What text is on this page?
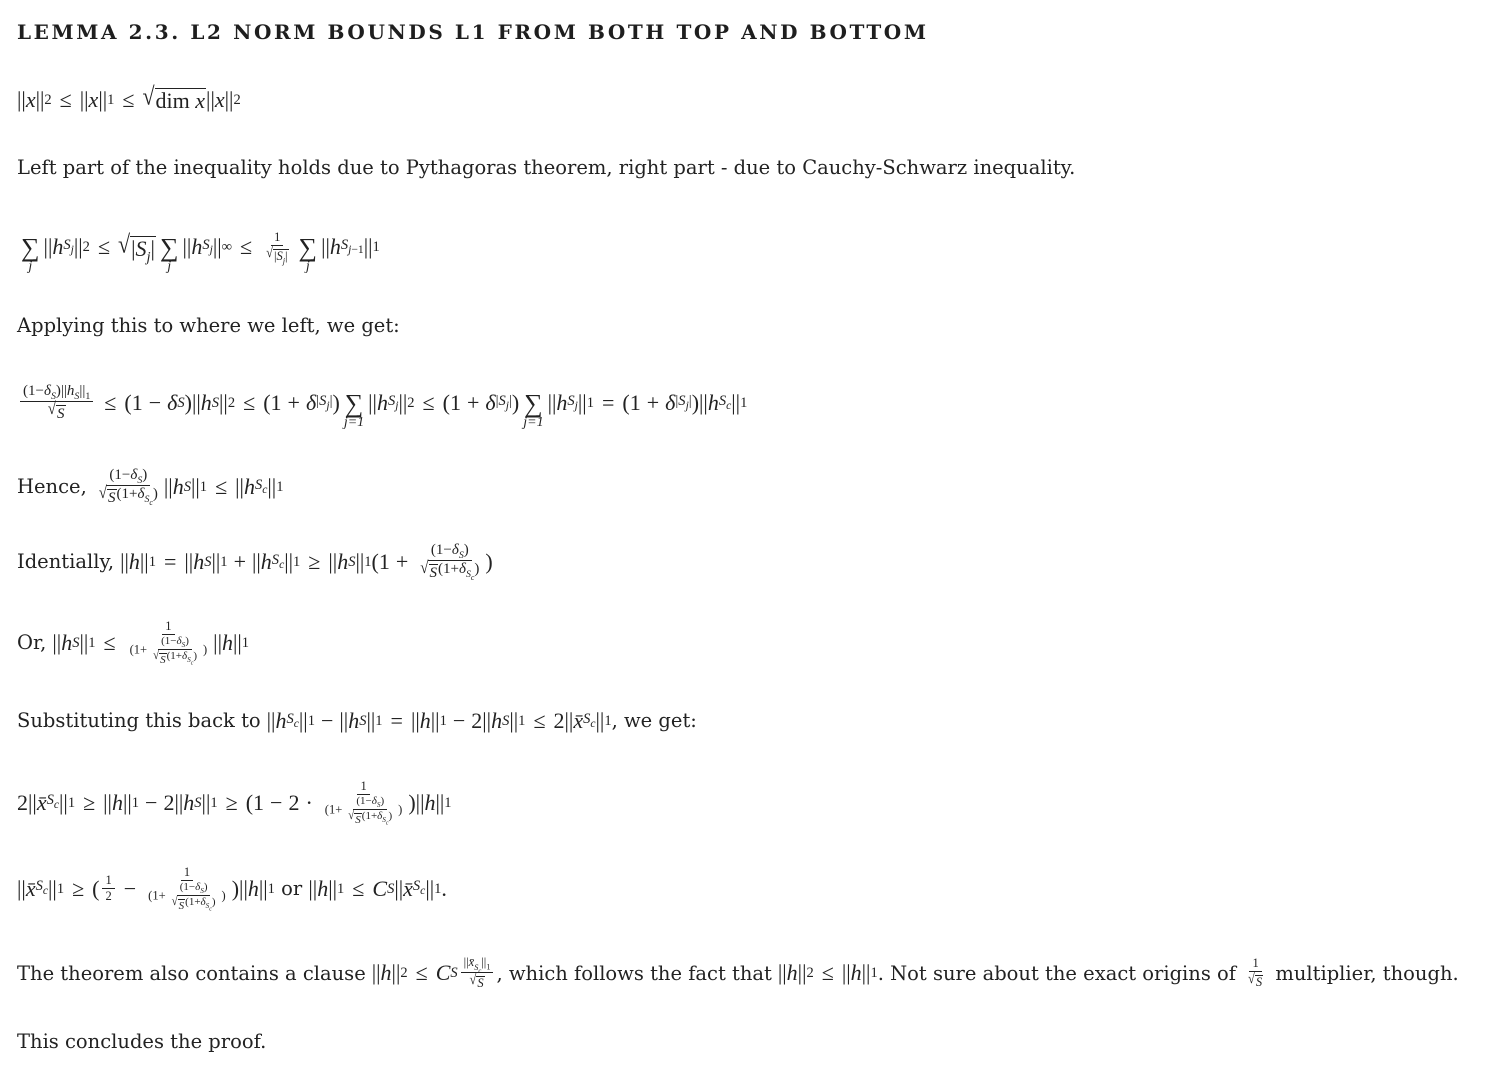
LEMMA 2.3. L2 NORM BOUNDS L1 FROM BOTH TOP AND BOTTOM
|| x || 2 ≤ || x || 1 ≤ √ dim x || x || 2
Left part of the inequality holds due to Pythagoras theorem, right part - due to Cauchy-Schwarz inequality.
∑
j
|| h $S_j$ || 2 ≤ √ $|S_j|$ ∑
j
|| h $S_j$ || ∞ ≤ $\frac{1}{√ |S_j|}$ ∑
j
|| h $S_{j-1}$ || 1
Applying this to where we left, we get:
$\frac{(1-\delta_S)||h_S||_1}{√ S} \le (1 - \delta$ S )|| h S || 2 ≤ (1 + δ $|S_j|$ ) ∑
j=1
|| h $S_j$ || 2 ≤ (1 + δ $|S_j|$ ) ∑
j=1
|| h $S_j$ || 1 = (1 + δ $|S_j|$ )|| h $S_c$ || 1
Hence, $\frac{(1-\delta_S)}{√ S (1+\delta_{S_c})}$ || h S || 1 ≤ || h $S_c$ || 1
Identially, || h || 1 = || h S || 1 + || h $S_c$ || 1 ≥ || h S || 1 ($1 + \frac{(1-\delta_S)}{√ S (1+\delta_{S_c})}$ )
Or, || h S || $1 \le \frac{1}{(1+ \frac{(1-\delta_S)}{√ S (1+\delta_{S_c})} )}$ || h || 1
Substituting this back to || h $S_c$ || 1 − || h S || 1 = || h || 1 − 2|| h S || 1 ≤ 2|| x̄ $S_c$ || 1 , we get:
2|| x̄ $S_c$ || 1 ≥ || h || 1 − 2|| h S || $1 \ge (1 - 2 \cdot \frac{1}{(1+ \frac{(1-\delta_S)}{√ S (1+\delta_{S_c})} )}$ )|| h || 1
|| x̄ $S_c$ || 1 ≥ ( $\frac{1}{2} - \frac{1}{(1+ \frac{(1-\delta_S)}{√ S (1+\delta_{S_c})} )}$ )|| h || 1 or || h || 1 ≤ C S || x̄ $S_c$ || 1 .
The theorem also contains a clause || h || 2 ≤ C S $\frac{||x̄_{S_c}||_1}{√ S}$ , which follows the fact that || h || 2 ≤ || h || 1 . Not sure about the exact origins of $\frac{1}{√ S}$ multiplier, though.
This concludes the proof.
